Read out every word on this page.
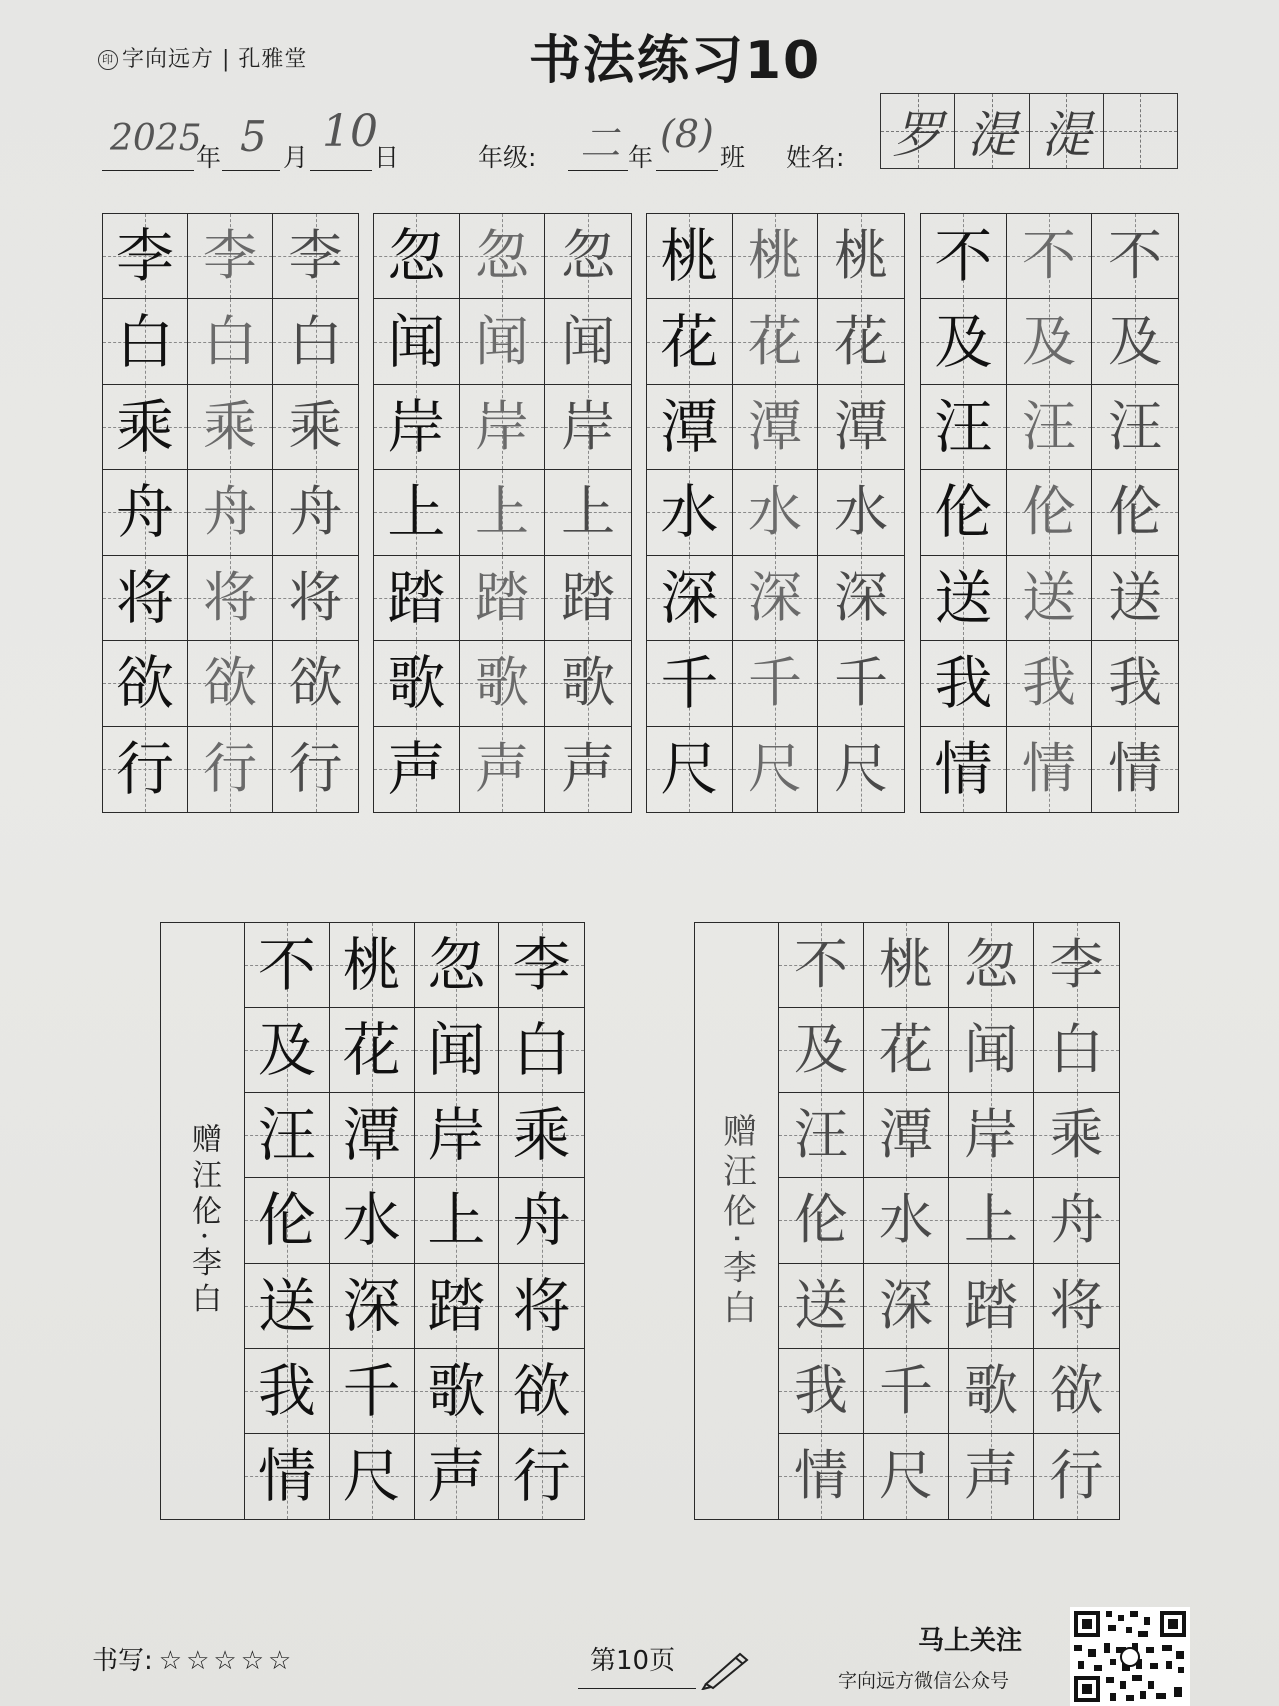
印 字向远方 | 孔雅堂	书法练习10
2025
年 5 月
10
日	年级: 二 年
(8)
班 姓名: 罗 湜 湜
李 李 李
白 白 白
乘 乘 乘
舟 舟 舟
将 将 将
欲 欲 欲
行 行 行
忽 忽 忽
闻 闻 闻
岸 岸 岸
上 上 上
踏 踏 踏
歌 歌 歌
声 声 声
桃 桃 桃
花 花 花
潭 潭 潭
水 水 水
深 深 深
千 千 千
尺 尺 尺
不 不 不
及 及 及
汪 汪 汪
伦 伦 伦
送 送 送
我 我 我
情 情 情
赠汪伦·李白
不 桃 忽 李
及 花 闻 白
汪 潭 岸 乘
伦 水 上 舟
送 深 踏 将
我 千 歌 欲
情 尺 声 行
赠汪伦·李白
不 桃 忽 李
及 花 闻 白
汪 潭 岸 乘
伦 水 上 舟
送 深 踏 将
我 千 歌 欲
情 尺 声 行
书写: ☆☆☆☆☆	第10页
马上关注
字向远方微信公众号
